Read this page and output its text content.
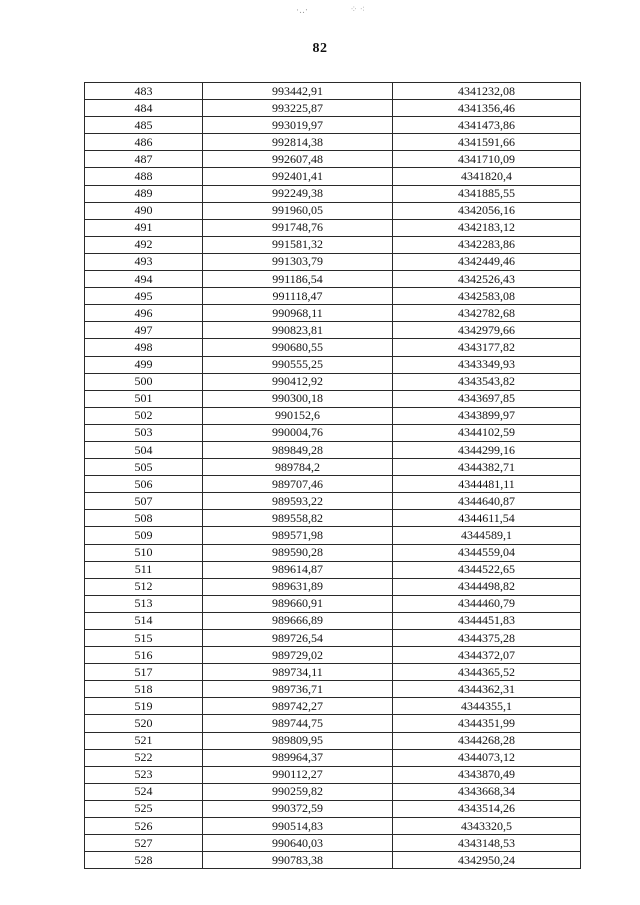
·‥‧	⁘ ⁖
82
483	993442,91	4341232,08
484	993225,87	4341356,46
485	993019,97	4341473,86
486	992814,38	4341591,66
487	992607,48	4341710,09
488	992401,41	4341820,4
489	992249,38	4341885,55
490	991960,05	4342056,16
491	991748,76	4342183,12
492	991581,32	4342283,86
493	991303,79	4342449,46
494	991186,54	4342526,43
495	991118,47	4342583,08
496	990968,11	4342782,68
497	990823,81	4342979,66
498	990680,55	4343177,82
499	990555,25	4343349,93
500	990412,92	4343543,82
501	990300,18	4343697,85
502	990152,6	4343899,97
503	990004,76	4344102,59
504	989849,28	4344299,16
505	989784,2	4344382,71
506	989707,46	4344481,11
507	989593,22	4344640,87
508	989558,82	4344611,54
509	989571,98	4344589,1
510	989590,28	4344559,04
511	989614,87	4344522,65
512	989631,89	4344498,82
513	989660,91	4344460,79
514	989666,89	4344451,83
515	989726,54	4344375,28
516	989729,02	4344372,07
517	989734,11	4344365,52
518	989736,71	4344362,31
519	989742,27	4344355,1
520	989744,75	4344351,99
521	989809,95	4344268,28
522	989964,37	4344073,12
523	990112,27	4343870,49
524	990259,82	4343668,34
525	990372,59	4343514,26
526	990514,83	4343320,5
527	990640,03	4343148,53
528	990783,38	4342950,24
